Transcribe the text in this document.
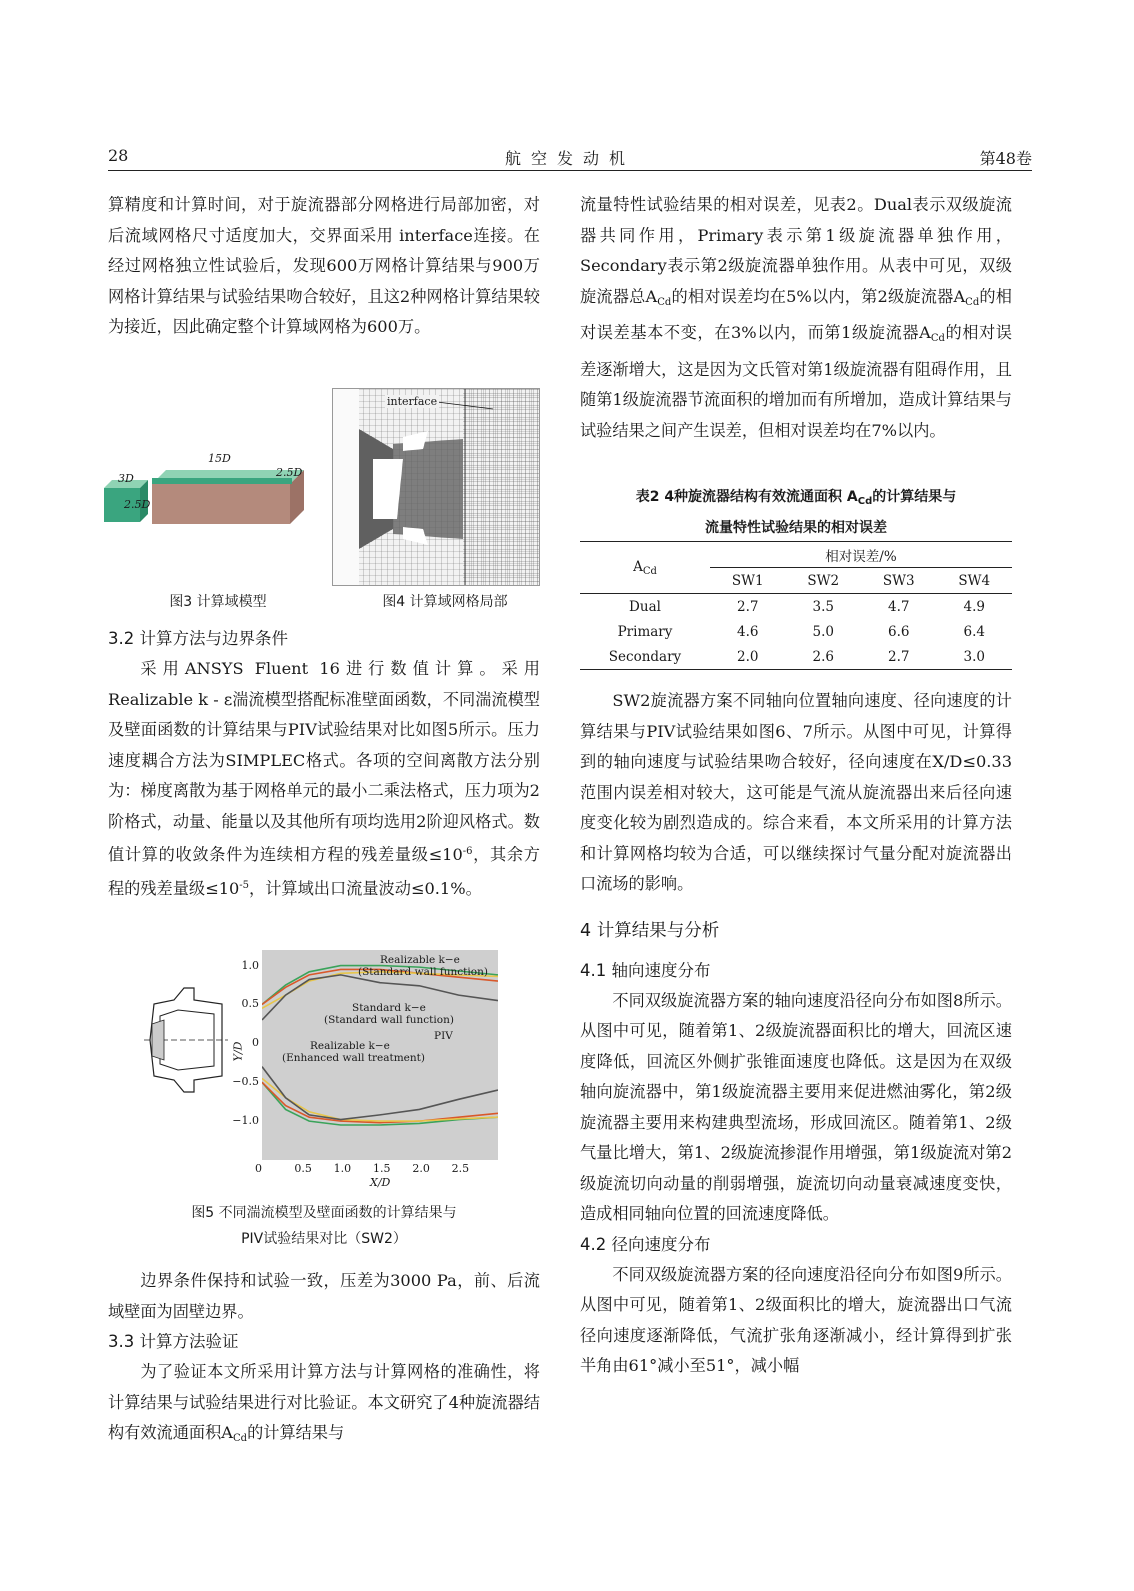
28	航空发动机	第48卷

算精度和计算时间，对于旋流器部分网格进行局部加密，对后流域网格尺寸适度加大，交界面采用 interface连接。在经过网格独立性试验后，发现600万网格计算结果与900万网格计算结果与试验结果吻合较好，且这2种网格计算结果较为接近，因此确定整个计算域网格为600万。

3D
15D
2.5D
2.5D
图3 计算域模型
interface
图4 计算域网格局部

3.2 计算方法与边界条件

采用ANSYS Fluent 16进行数值计算。采用Realizable k - ε湍流模型搭配标准壁面函数，不同湍流模型及壁面函数的计算结果与PIV试验结果对比如图5所示。压力速度耦合方法为SIMPLEC格式。各项的空间离散方法分别为：梯度离散为基于网格单元的最小二乘法格式，压力项为2阶格式，动量、能量以及其他所有项均选用2阶迎风格式。数值计算的收敛条件为连续相方程的残差量级$\le 10^{-6}$，其余方程的残差量级$\le 10^{-5}$，计算域出口流量波动≤0.1%。

1.0
0.5
0
−0.5
−1.0
0	0.5 1.0 1.5 2.0 2.5
Y/D
X/D
Realizable k−e
(Standard wall function)
Standard k−e
(Standard wall function)
PIV
Realizable k−e
(Enhanced wall treatment)
图5 不同湍流模型及壁面函数的计算结果与
PIV试验结果对比（SW2）

边界条件保持和试验一致，压差为3000 Pa，前、后流域壁面为固壁边界。

3.3 计算方法验证

为了验证本文所采用计算方法与计算网格的准确性，将计算结果与试验结果进行对比验证。本文研究了4种旋流器结构有效流通面积$A_{Cd}$的计算结果与

流量特性试验结果的相对误差，见表2。Dual表示双级旋流器共同作用，Primary表示第1级旋流器单独作用，Secondary表示第2级旋流器单独作用。从表中可见，双级旋流器总$A_{Cd}$的相对误差均在5%以内，第2级旋流器$A_{Cd}$的相对误差基本不变，在3%以内，而第1级旋流器$A_{Cd}$的相对误差逐渐增大，这是因为文氏管对第1级旋流器有阻碍作用，且随第1级旋流器节流面积的增加而有所增加，造成计算结果与试验结果之间产生误差，但相对误差均在7%以内。

表2 4种旋流器结构有效流通面积 $A_{Cd}$的计算结果与
流量特性试验结果的相对误差
$A_{Cd}$	相对误差/%			
	SW1	SW2	SW3	SW4
Dual	2.7	3.5	4.7	4.9
Primary	4.6	5.0	6.6	6.4
Secondary	2.0	2.6	2.7	3.0

SW2旋流器方案不同轴向位置轴向速度、径向速度的计算结果与PIV试验结果如图6、7所示。从图中可见，计算得到的轴向速度与试验结果吻合较好，径向速度在X/D≤0.33范围内误差相对较大，这可能是气流从旋流器出来后径向速度变化较为剧烈造成的。综合来看，本文所采用的计算方法和计算网格均较为合适，可以继续探讨气量分配对旋流器出口流场的影响。

4 计算结果与分析

4.1 轴向速度分布

不同双级旋流器方案的轴向速度沿径向分布如图8所示。从图中可见，随着第1、2级旋流器面积比的增大，回流区速度降低，回流区外侧扩张锥面速度也降低。这是因为在双级轴向旋流器中，第1级旋流器主要用来促进燃油雾化，第2级旋流器主要用来构建典型流场，形成回流区。随着第1、2级气量比增大，第1、2级旋流掺混作用增强，第1级旋流对第2级旋流切向动量的削弱增强，旋流切向动量衰减速度变快，造成相同轴向位置的回流速度降低。

4.2 径向速度分布

不同双级旋流器方案的径向速度沿径向分布如图9所示。从图中可见，随着第1、2级面积比的增大，旋流器出口气流径向速度逐渐降低，气流扩张角逐渐减小，经计算得到扩张半角由61°减小至51°，减小幅
